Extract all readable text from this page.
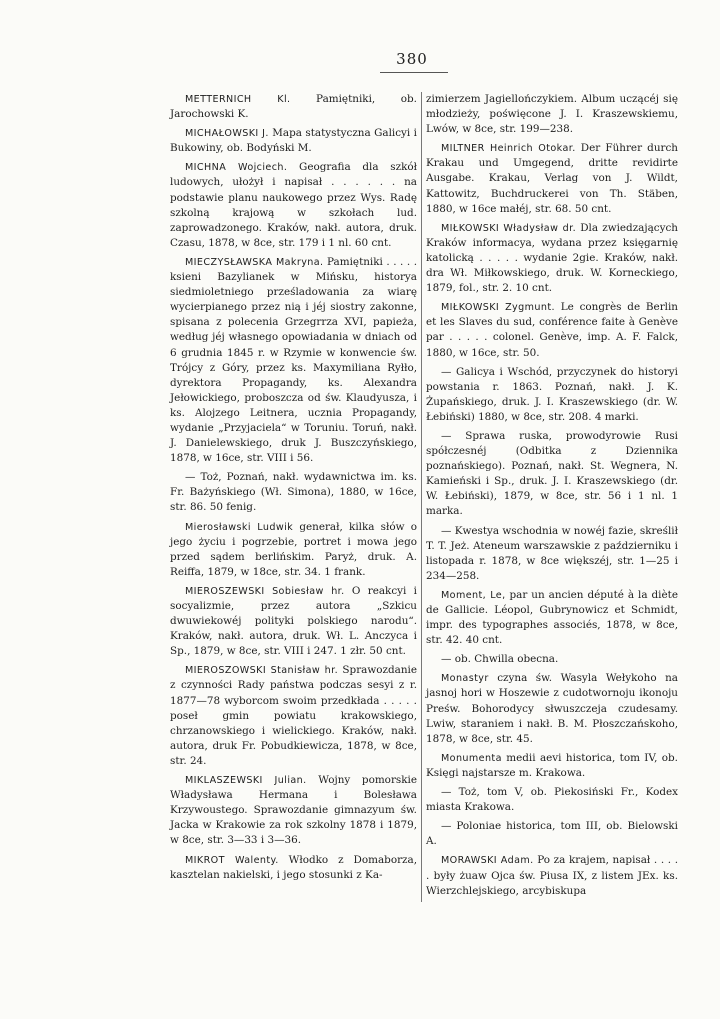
380

METTERNICH Kl. Pamiętniki, ob. Jarochowski K.

MICHAŁOWSKI J. Mapa statystyczna Galicyi i Bukowiny, ob. Bodyński M.

MICHNA Wojciech. Geografia dla szkół ludowych, ułożył i napisał . . . . . . na podstawie planu naukowego przez Wys. Radę szkolną krajową w szkołach lud. zaprowadzonego. Kraków, nakł. autora, druk. Czasu, 1878, w 8ce, str. 179 i 1 nl. 60 cnt.

MIECZYSŁAWSKA Makryna. Pamiętniki . . . . . ksieni Bazylianek w Mińsku, historya siedmioletniego prześladowania za wiarę wycierpianego przez nią i jéj siostry zakonne, spisana z polecenia Grzegrrza XVI, papieża, według jéj własnego opowiadania w dniach od 6 grudnia 1845 r. w Rzymie w konwencie św. Trójcy z Góry, przez ks. Maxymiliana Ryłło, dyrektora Propagandy, ks. Alexandra Jełowickiego, proboszcza od św. Klaudyusza, i ks. Alojzego Leitnera, ucznia Propagandy, wydanie „Przyjaciela“ w Toruniu. Toruń, nakł. J. Danielewskiego, druk J. Buszczyńskiego, 1878, w 16ce, str. VIII i 56.

— Toż, Poznań, nakł. wydawnictwa im. ks. Fr. Bażyńskiego (Wł. Simona), 1880, w 16ce, str. 86. 50 fenig.

Mierosławski Ludwik generał, kilka słów o jego życiu i pogrzebie, portret i mowa jego przed sądem berlińskim. Paryż, druk. A. Reiffa, 1879, w 18ce, str. 34. 1 frank.

MIEROSZEWSKI Sobiesław hr. O reakcyi i socyalizmie, przez autora „Szkicu dwuwiekowéj polityki polskiego narodu“. Kraków, nakł. autora, druk. Wł. L. Anczyca i Sp., 1879, w 8ce, str. VIII i 247. 1 złr. 50 cnt.

MIEROSZOWSKI Stanisław hr. Sprawozdanie z czynności Rady państwa podczas sesyi z r. 1877—78 wyborcom swoim przedkłada . . . . . poseł gmin powiatu krakowskiego, chrzanowskiego i wielickiego. Kraków, nakł. autora, druk Fr. Pobudkiewicza, 1878, w 8ce, str. 24.

MIKLASZEWSKI Julian. Wojny pomorskie Władysława Hermana i Bolesława Krzywoustego. Sprawozdanie gimnazyum św. Jacka w Krakowie za rok szkolny 1878 i 1879, w 8ce, str. 3—33 i 3—36.

MIKROT Walenty. Włodko z Domaborza, kasztelan nakielski, i jego stosunki z Ka-

zimierzem Jagiellończykiem. Album uczącéj się młodzieży, poświęcone J. I. Kraszewskiemu, Lwów, w 8ce, str. 199—238.

MILTNER Heinrich Otokar. Der Führer durch Krakau und Umgegend, dritte revidirte Ausgabe. Krakau, Verlag von J. Wildt, Kattowitz, Buchdruckerei von Th. Stäben, 1880, w 16ce małéj, str. 68. 50 cnt.

MIŁKOWSKI Władysław dr. Dla zwiedzających Kraków informacya, wydana przez księgarnię katolicką . . . . . wydanie 2gie. Kraków, nakł. dra Wł. Miłkowskiego, druk. W. Korneckiego, 1879, fol., str. 2. 10 cnt.

MIŁKOWSKI Zygmunt. Le congrès de Berlin et les Slaves du sud, conférence faite à Genève par . . . . . colonel. Genève, imp. A. F. Falck, 1880, w 16ce, str. 50.

— Galicya i Wschód, przyczynek do historyi powstania r. 1863. Poznań, nakł. J. K. Żupańskiego, druk. J. I. Kraszewskiego (dr. W. Łebiński) 1880, w 8ce, str. 208. 4 marki.

— Sprawa ruska, prowodyrowie Rusi spółczesnéj (Odbitka z Dziennika poznańskiego). Poznań, nakł. St. Wegnera, N. Kamieński i Sp., druk. J. I. Kraszewskiego (dr. W. Łebiński), 1879, w 8ce, str. 56 i 1 nl. 1 marka.

— Kwestya wschodnia w nowéj fazie, skreślił T. T. Jeż. Ateneum warszawskie z październiku i listopada r. 1878, w 8ce większéj, str. 1—25 i 234—258.

Moment, Le, par un ancien député à la diète de Gallicie. Léopol, Gubrynowicz et Schmidt, impr. des typographes associés, 1878, w 8ce, str. 42. 40 cnt.

— ob. Chwilla obecna.

Monastyr czyna św. Wasyla Wełykoho na jasnoj hori w Hoszewie z cudotwornoju ikonoju Preśw. Bohorodycy słwuszczeja czudesamy. Lwiw, staraniem i nakł. B. M. Płoszczańskoho, 1878, w 8ce, str. 45.

Monumenta medii aevi historica, tom IV, ob. Księgi najstarsze m. Krakowa.

— Toż, tom V, ob. Piekosiński Fr., Kodex miasta Krakowa.

— Poloniae historica, tom III, ob. Bielowski A.

MORAWSKI Adam. Po za krajem, napisał . . . . . były żuaw Ojca św. Piusa IX, z listem JEx. ks. Wierzchlejskiego, arcybiskupa
